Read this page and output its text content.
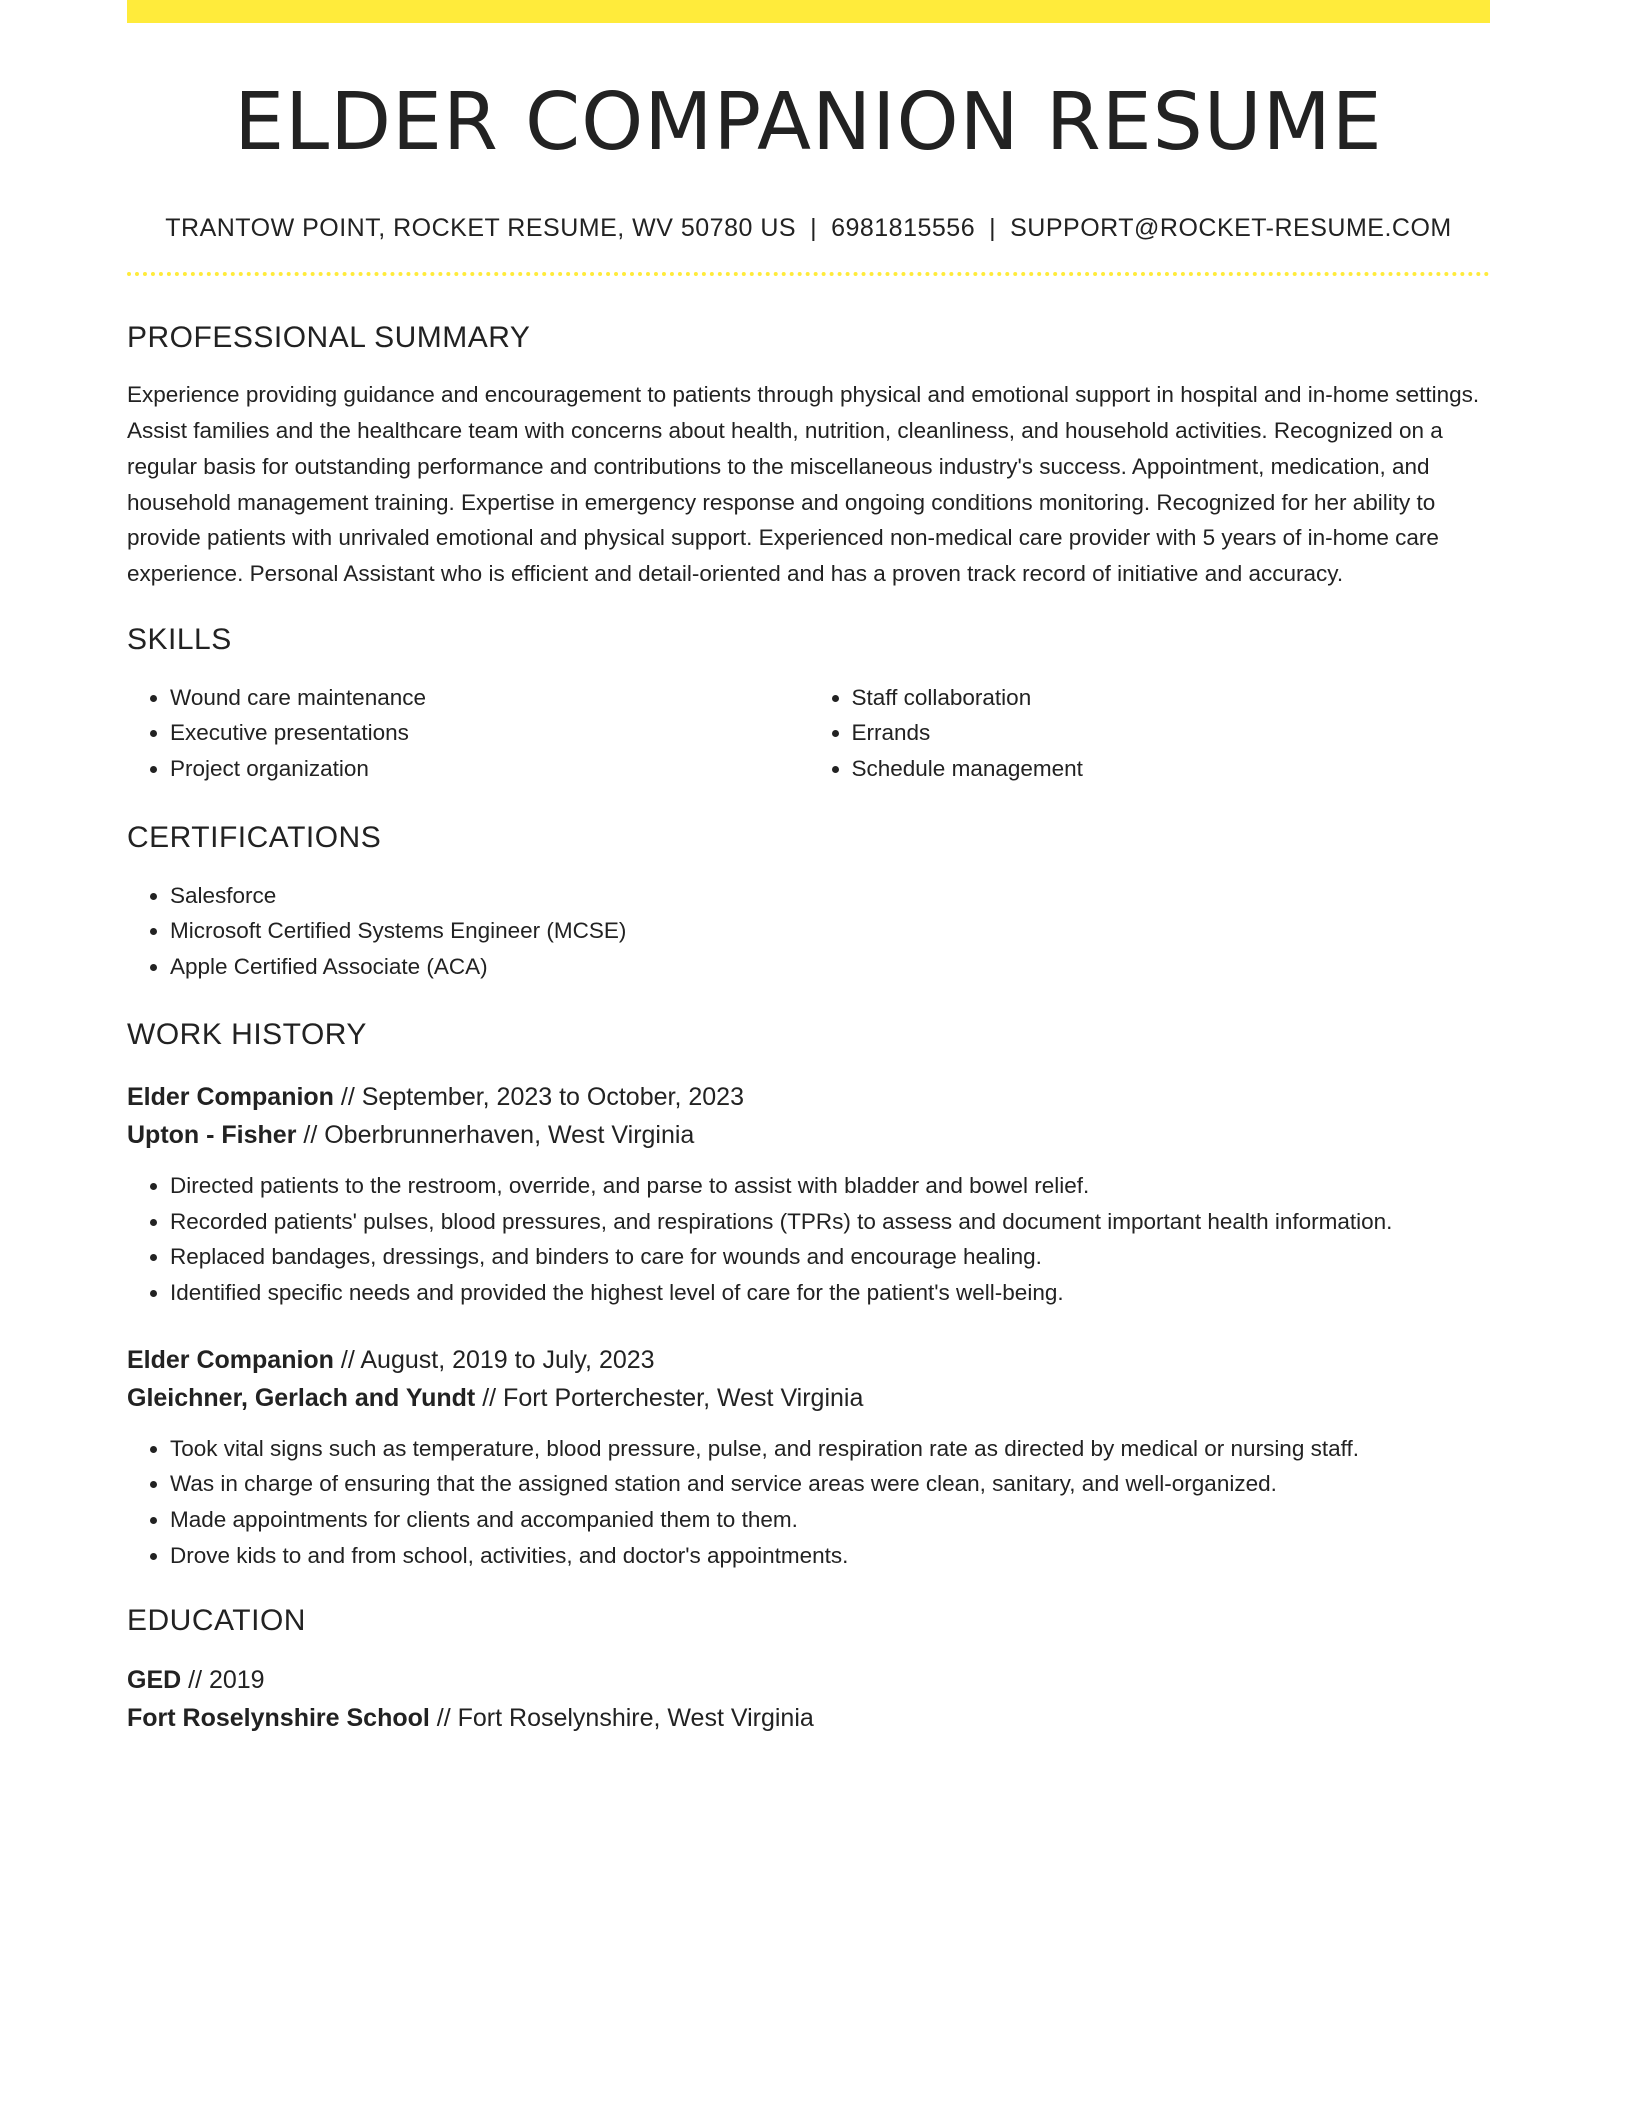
ELDER COMPANION RESUME
TRANTOW POINT, ROCKET RESUME, WV 50780 US | 6981815556 | SUPPORT@ROCKET-RESUME.COM
PROFESSIONAL SUMMARY
Experience providing guidance and encouragement to patients through physical and emotional support in hospital and in-home settings. Assist families and the healthcare team with concerns about health, nutrition, cleanliness, and household activities. Recognized on a regular basis for outstanding performance and contributions to the miscellaneous industry's success. Appointment, medication, and household management training. Expertise in emergency response and ongoing conditions monitoring. Recognized for her ability to provide patients with unrivaled emotional and physical support. Experienced non-medical care provider with 5 years of in-home care experience. Personal Assistant who is efficient and detail-oriented and has a proven track record of initiative and accuracy.
SKILLS
• Wound care maintenance
• Executive presentations
• Project organization
• Staff collaboration
• Errands
• Schedule management
CERTIFICATIONS
• Salesforce
• Microsoft Certified Systems Engineer (MCSE)
• Apple Certified Associate (ACA)
WORK HISTORY
Elder Companion // September, 2023 to October, 2023
Upton - Fisher // Oberbrunnerhaven, West Virginia
• Directed patients to the restroom, override, and parse to assist with bladder and bowel relief.
• Recorded patients' pulses, blood pressures, and respirations (TPRs) to assess and document important health information.
• Replaced bandages, dressings, and binders to care for wounds and encourage healing.
• Identified specific needs and provided the highest level of care for the patient's well-being.
Elder Companion // August, 2019 to July, 2023
Gleichner, Gerlach and Yundt // Fort Porterchester, West Virginia
• Took vital signs such as temperature, blood pressure, pulse, and respiration rate as directed by medical or nursing staff.
• Was in charge of ensuring that the assigned station and service areas were clean, sanitary, and well-organized.
• Made appointments for clients and accompanied them to them.
• Drove kids to and from school, activities, and doctor's appointments.
EDUCATION
GED // 2019
Fort Roselynshire School // Fort Roselynshire, West Virginia
